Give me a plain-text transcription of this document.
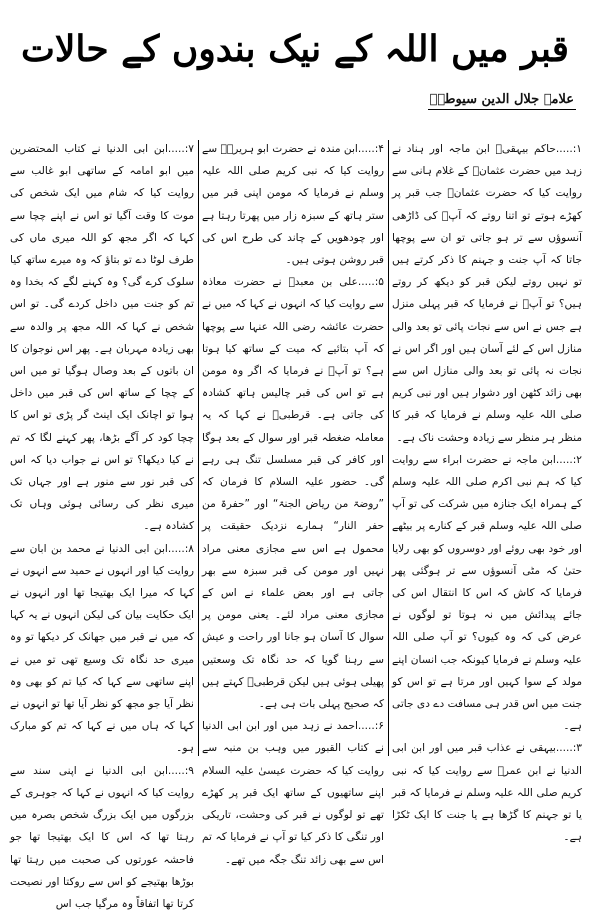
قبر میں اللہ کے نیک بندوں کے حالات
علامہ جلال الدین سیوطیؒ

۱:.....حاکم بیہقیؒ ابن ماجہ اور ہناد نے زہد میں حضرت عثمانؓ کے غلام ہانی سے روایت کیا کہ حضرت عثمانؓ جب قبر پر کھڑے ہوتے تو اتنا روتے کہ آپؓ کی ڈاڑھی آنسوؤں سے تر ہو جاتی تو ان سے پوچھا جاتا کہ آپ جنت و جہنم کا ذکر کرتے ہیں تو نہیں روتے لیکن قبر کو دیکھ کر روتے ہیں؟ تو آپؓ نے فرمایا کہ قبر پہلی منزل ہے جس نے اس سے نجات پائی تو بعد والی منازل اس کے لئے آسان ہیں اور اگر اس نے نجات نہ پائی تو بعد والی منازل اس سے بھی زائد کٹھن اور دشوار ہیں اور نبی کریم صلی اللہ علیہ وسلم نے فرمایا کہ قبر کا منظر ہر منظر سے زیادہ وحشت ناک ہے۔

۲:.....ابن ماجہ نے حضرت ابراء سے روایت کیا کہ ہم نبی اکرم صلی اللہ علیہ وسلم کے ہمراہ ایک جنازہ میں شرکت کی تو آپ صلی اللہ علیہ وسلم قبر کے کنارے پر بیٹھے اور خود بھی روئے اور دوسروں کو بھی رلایا حتیٰ کہ مٹی آنسوؤں سے تر ہوگئی پھر فرمایا کہ کاش کہ اس کا انتقال اس کی جائے پیدائش میں نہ ہوتا تو لوگوں نے عرض کی کہ وہ کیوں؟ تو آپ صلی اللہ علیہ وسلم نے فرمایا کیونکہ جب انسان اپنے مولد کے سوا کہیں اور مرتا ہے تو اس کو جنت میں اس قدر ہی مسافت دے دی جاتی ہے۔

۳:.....بیہقی نے عذاب قبر میں اور ابن ابی الدنیا نے ابن عمرؓ سے روایت کیا کہ نبی کریم صلی اللہ علیہ وسلم نے فرمایا کہ قبر یا تو جہنم کا گڑھا ہے یا جنت کا ایک ٹکڑا ہے۔

۴:.....ابن مندہ نے حضرت ابو ہریرہؓ سے روایت کیا کہ نبی کریم صلی اللہ علیہ وسلم نے فرمایا کہ مومن اپنی قبر میں ستر ہاتھ کے سبزہ زار میں پھرتا رہتا ہے اور چودھویں کے چاند کی طرح اس کی قبر روشن ہوتی ہیں۔

۵:.....علی بن معبدؒ نے حضرت معاذہ سے روایت کیا کہ انہوں نے کہا کہ میں نے حضرت عائشہ رضی اللہ عنہا سے پوچھا کہ آپ بتائیے کہ میت کے ساتھ کیا ہوتا ہے؟ تو آپؓ نے فرمایا کہ اگر وہ مومن ہے تو اس کی قبر چالیس ہاتھ کشادہ کی جاتی ہے۔ قرطبیؒ نے کہا کہ یہ معاملہ ضغطہ قبر اور سوال کے بعد ہوگا اور کافر کی قبر مسلسل تنگ ہی رہے گی۔ حضور علیہ السلام کا فرمان کہ ”روضۃ من ریاض الجنۃ“ اور ”حفرۃ من حفر النار“ ہمارے نزدیک حقیقت پر محمول ہے اس سے مجازی معنی مراد نہیں اور مومن کی قبر سبزہ سے بھر جاتی ہے اور بعض علماء نے اس کے مجازی معنی مراد لئے۔ یعنی مومن پر سوال کا آسان ہو جانا اور راحت و عیش سے رہنا گویا کہ حد نگاہ تک وسعتیں پھیلی ہوئی ہیں لیکن قرطبیؒ کہتے ہیں کہ صحیح پہلی بات ہی ہے۔

۶:.....احمد نے زہد میں اور ابن ابی الدنیا نے کتاب القبور میں وہب بن منبہ سے روایت کیا کہ حضرت عیسیٰ علیہ السلام اپنے ساتھیوں کے ساتھ ایک قبر پر کھڑے تھے تو لوگوں نے قبر کی وحشت، تاریکی اور تنگی کا ذکر کیا تو آپ نے فرمایا کہ تم اس سے بھی زائد تنگ جگہ میں تھے۔

۷:.....ابن ابی الدنیا نے کتاب المحتضرین میں ابو امامہ کے ساتھی ابو غالب سے روایت کیا کہ شام میں ایک شخص کی موت کا وقت آگیا تو اس نے اپنے چچا سے کہا کہ اگر مجھ کو اللہ میری ماں کی طرف لوٹا دے تو بتاؤ کہ وہ میرے ساتھ کیا سلوک کرے گی؟ وہ کہنے لگے کہ بخدا وہ تم کو جنت میں داخل کردے گی۔ تو اس شخص نے کہا کہ اللہ مجھ پر والدہ سے بھی زیادہ مہربان ہے۔ پھر اس نوجوان کا ان باتوں کے بعد وصال ہوگیا تو میں اس کے چچا کے ساتھ اس کی قبر میں داخل ہوا تو اچانک ایک اینٹ گر پڑی تو اس کا چچا کود کر آگے بڑھا، پھر کہنے لگا کہ تم نے کیا دیکھا؟ تو اس نے جواب دیا کہ اس کی قبر نور سے منور ہے اور جہاں تک میری نظر کی رسائی ہوئی وہاں تک کشادہ ہے۔

۸:.....ابن ابی الدنیا نے محمد بن ابان سے روایت کیا اور انہوں نے حمید سے انہوں نے کہا کہ میرا ایک بھتیجا تھا اور انہوں نے ایک حکایت بیان کی لیکن انہوں نے یہ کہا کہ میں نے قبر میں جھانک کر دیکھا تو وہ میری حد نگاہ تک وسیع تھی تو میں نے اپنے ساتھی سے کہا کہ کیا تم کو بھی وہ نظر آیا جو مجھ کو نظر آیا تھا تو انہوں نے کہا کہ ہاں میں نے کہا کہ تم کو مبارک ہو۔

۹:.....ابن ابی الدنیا نے اپنی سند سے روایت کیا کہ انہوں نے کہا کہ جوہری کے بزرگوں میں ایک بزرگ شخص بصرہ میں رہتا تھا کہ اس کا ایک بھتیجا تھا جو فاحشہ عورتوں کی صحبت میں رہتا تھا بوڑھا بھتیجے کو اس سے روکتا اور نصیحت کرتا تھا اتفاقاً وہ مرگیا جب اس
